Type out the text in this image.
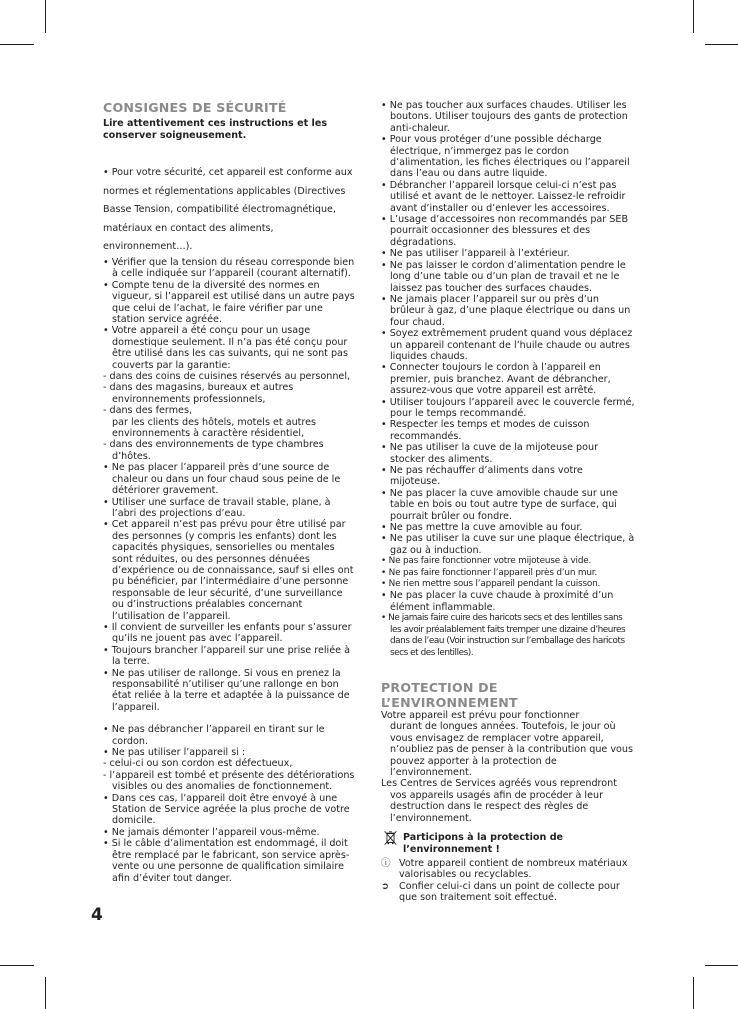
CONSIGNES DE SÉCURITÉ

Lire attentivement ces instructions et les conserver soigneusement.

• Pour votre sécurité, cet appareil est conforme aux normes et réglementations applicables (Directives Basse Tension, compatibilité électromagnétique, matériaux en contact des aliments, environnement…).

• Vérifier que la tension du réseau corresponde bien à celle indiquée sur l’appareil (courant alternatif).

• Compte tenu de la diversité des normes en vigueur, si l’appareil est utilisé dans un autre pays que celui de l’achat, le faire vérifier par une station service agréée.

• Votre appareil a été conçu pour un usage domestique seulement. Il n’a pas été conçu pour être utilisé dans les cas suivants, qui ne sont pas couverts par la garantie:

- dans des coins de cuisines réservés au personnel,

- dans des magasins, bureaux et autres environnements professionnels,

- dans des fermes,

par les clients des hôtels, motels et autres environnements à caractère résidentiel,

- dans des environnements de type chambres d’hôtes.

• Ne pas placer l’appareil près d’une source de chaleur ou dans un four chaud sous peine de le détériorer gravement.

• Utiliser une surface de travail stable, plane, à l’abri des projections d’eau.

• Cet appareil n’est pas prévu pour être utilisé par des personnes (y compris les enfants) dont les capacités physiques, sensorielles ou mentales sont réduites, ou des personnes dénuées d’expérience ou de connaissance, sauf si elles ont pu bénéficier, par l’intermédiaire d’une personne responsable de leur sécurité, d’une surveillance ou d’instructions préalables concernant l’utilisation de l’appareil.

• Il convient de surveiller les enfants pour s’assurer qu’ils ne jouent pas avec l’appareil.

• Toujours brancher l’appareil sur une prise reliée à la terre.

• Ne pas utiliser de rallonge. Si vous en prenez la responsabilité n’utiliser qu’une rallonge en bon état reliée à la terre et adaptée à la puissance de l’appareil.

• Ne pas débrancher l’appareil en tirant sur le cordon.

• Ne pas utiliser l’appareil si :

- celui-ci ou son cordon est défectueux,

- l’appareil est tombé et présente des détériorations visibles ou des anomalies de fonctionnement.

• Dans ces cas, l’appareil doit être envoyé à une Station de Service agréée la plus proche de votre domicile.

• Ne jamais démonter l’appareil vous-même.

• Si le câble d’alimentation est endommagé, il doit être remplacé par le fabricant, son service après-vente ou une personne de qualification similaire afin d’éviter tout danger.

• Ne pas toucher aux surfaces chaudes. Utiliser les boutons. Utiliser toujours des gants de protection anti-chaleur.

• Pour vous protéger d’une possible décharge électrique, n’immergez pas le cordon d’alimentation, les fiches électriques ou l’appareil dans l’eau ou dans autre liquide.

• Débrancher l’appareil lorsque celui-ci n’est pas utilisé et avant de le nettoyer. Laissez-le refroidir avant d’installer ou d’enlever les accessoires.

• L’usage d’accessoires non recommandés par SEB pourrait occasionner des blessures et des dégradations.

• Ne pas utiliser l’appareil à l’extérieur.

• Ne pas laisser le cordon d’alimentation pendre le long d’une table ou d’un plan de travail et ne le laissez pas toucher des surfaces chaudes.

• Ne jamais placer l’appareil sur ou près d’un brûleur à gaz, d’une plaque électrique ou dans un four chaud.

• Soyez extrêmement prudent quand vous déplacez un appareil contenant de l’huile chaude ou autres liquides chauds.

• Connecter toujours le cordon à l’appareil en premier, puis branchez. Avant de débrancher, assurez-vous que votre appareil est arrêté.

• Utiliser toujours l’appareil avec le couvercle fermé, pour le temps recommandé.

• Respecter les temps et modes de cuisson recommandés.

• Ne pas utiliser la cuve de la mijoteuse pour stocker des aliments.

• Ne pas réchauffer d’aliments dans votre mijoteuse.

• Ne pas placer la cuve amovible chaude sur une table en bois ou tout autre type de surface, qui pourrait brûler ou fondre.

• Ne pas mettre la cuve amovible au four.

• Ne pas utiliser la cuve sur une plaque électrique, à gaz ou à induction.

• Ne pas faire fonctionner votre mijoteuse à vide.

• Ne pas faire fonctionner l’appareil près d’un mur.

• Ne rien mettre sous l’appareil pendant la cuisson.

• Ne pas placer la cuve chaude à proximité d’un élément inflammable.

• Ne jamais faire cuire des haricots secs et des lentilles sans les avoir préalablement faits tremper une dizaine d’heures dans de l’eau (Voir instruction sur l’emballage des haricots secs et des lentilles).

PROTECTION DE L’ENVIRONNEMENT

Votre appareil est prévu pour fonctionner

durant de longues années. Toutefois, le jour où vous envisagez de remplacer votre appareil, n’oubliez pas de penser à la contribution que vous pouvez apporter à la protection de l’environnement.

Les Centres de Services agréés vous reprendront

vos appareils usagés afin de procéder à leur destruction dans le respect des règles de l’environnement.

Participons à la protection de l’environnement !

ⓘ Votre appareil contient de nombreux matériaux valorisables ou recyclables.

➲ Confier celui-ci dans un point de collecte pour que son traitement soit effectué.

4
